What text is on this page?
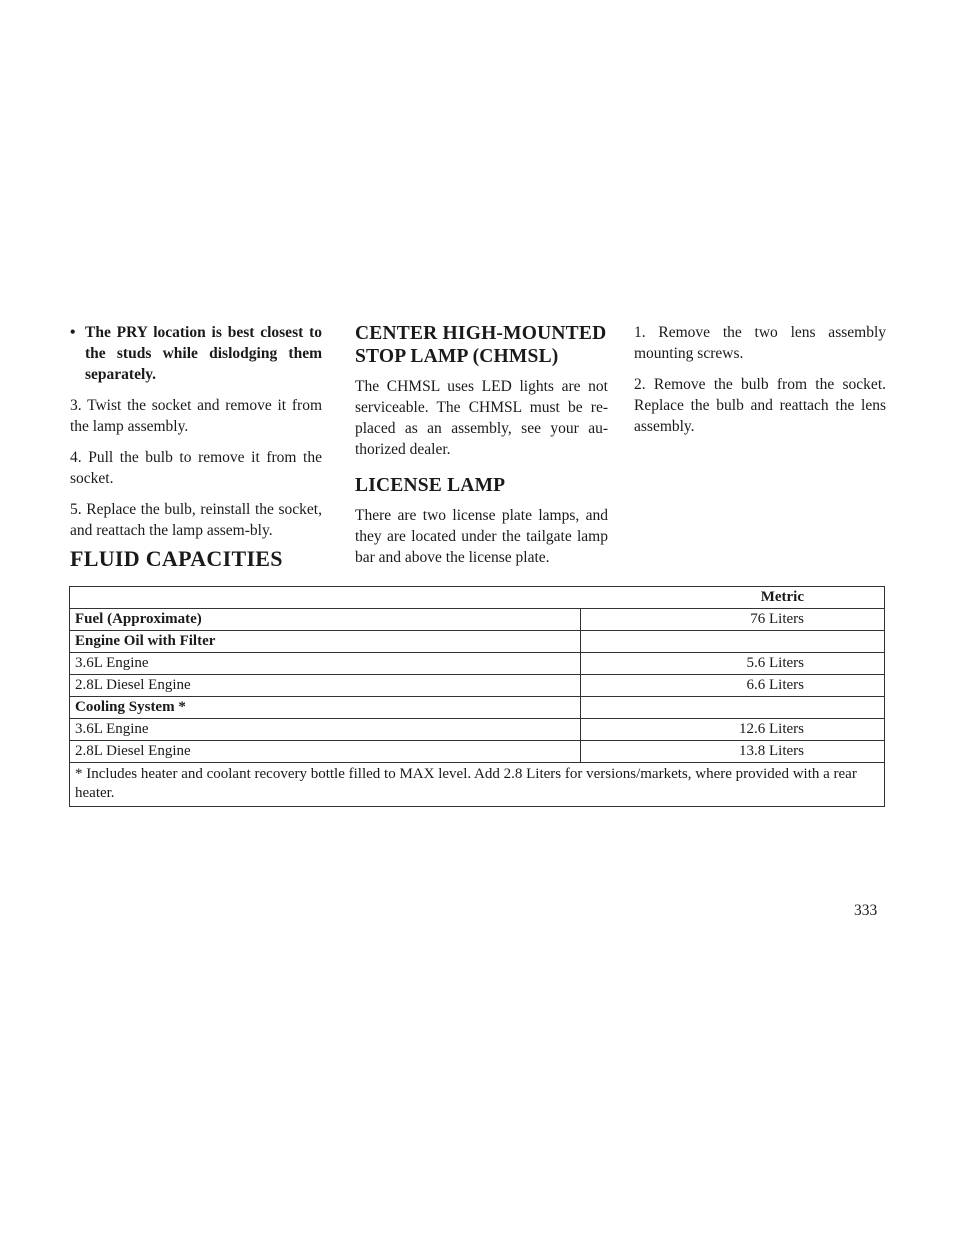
• The PRY location is best closest to the studs while dislodging them separately.

3. Twist the socket and remove it from the lamp assembly.

4. Pull the bulb to remove it from the socket.

5. Replace the bulb, reinstall the socket, and reattach the lamp assem-bly.

CENTER HIGH-MOUNTED STOP LAMP (CHMSL)

The CHMSL uses LED lights are not serviceable. The CHMSL must be re-placed as an assembly, see your au-thorized dealer.

LICENSE LAMP

There are two license plate lamps, and they are located under the tailgate lamp bar and above the license plate.

1. Remove the two lens assembly mounting screws.

2. Remove the bulb from the socket. Replace the bulb and reattach the lens assembly.

FLUID CAPACITIES
Metric	
Fuel (Approximate)	76 Liters
Engine Oil with Filter	
3.6L Engine	5.6 Liters
2.8L Diesel Engine	6.6 Liters
Cooling System *	
3.6L Engine	12.6 Liters
2.8L Diesel Engine	13.8 Liters
* Includes heater and coolant recovery bottle filled to MAX level. Add 2.8 Liters for versions/markets, where provided with a rear heater.	
333
